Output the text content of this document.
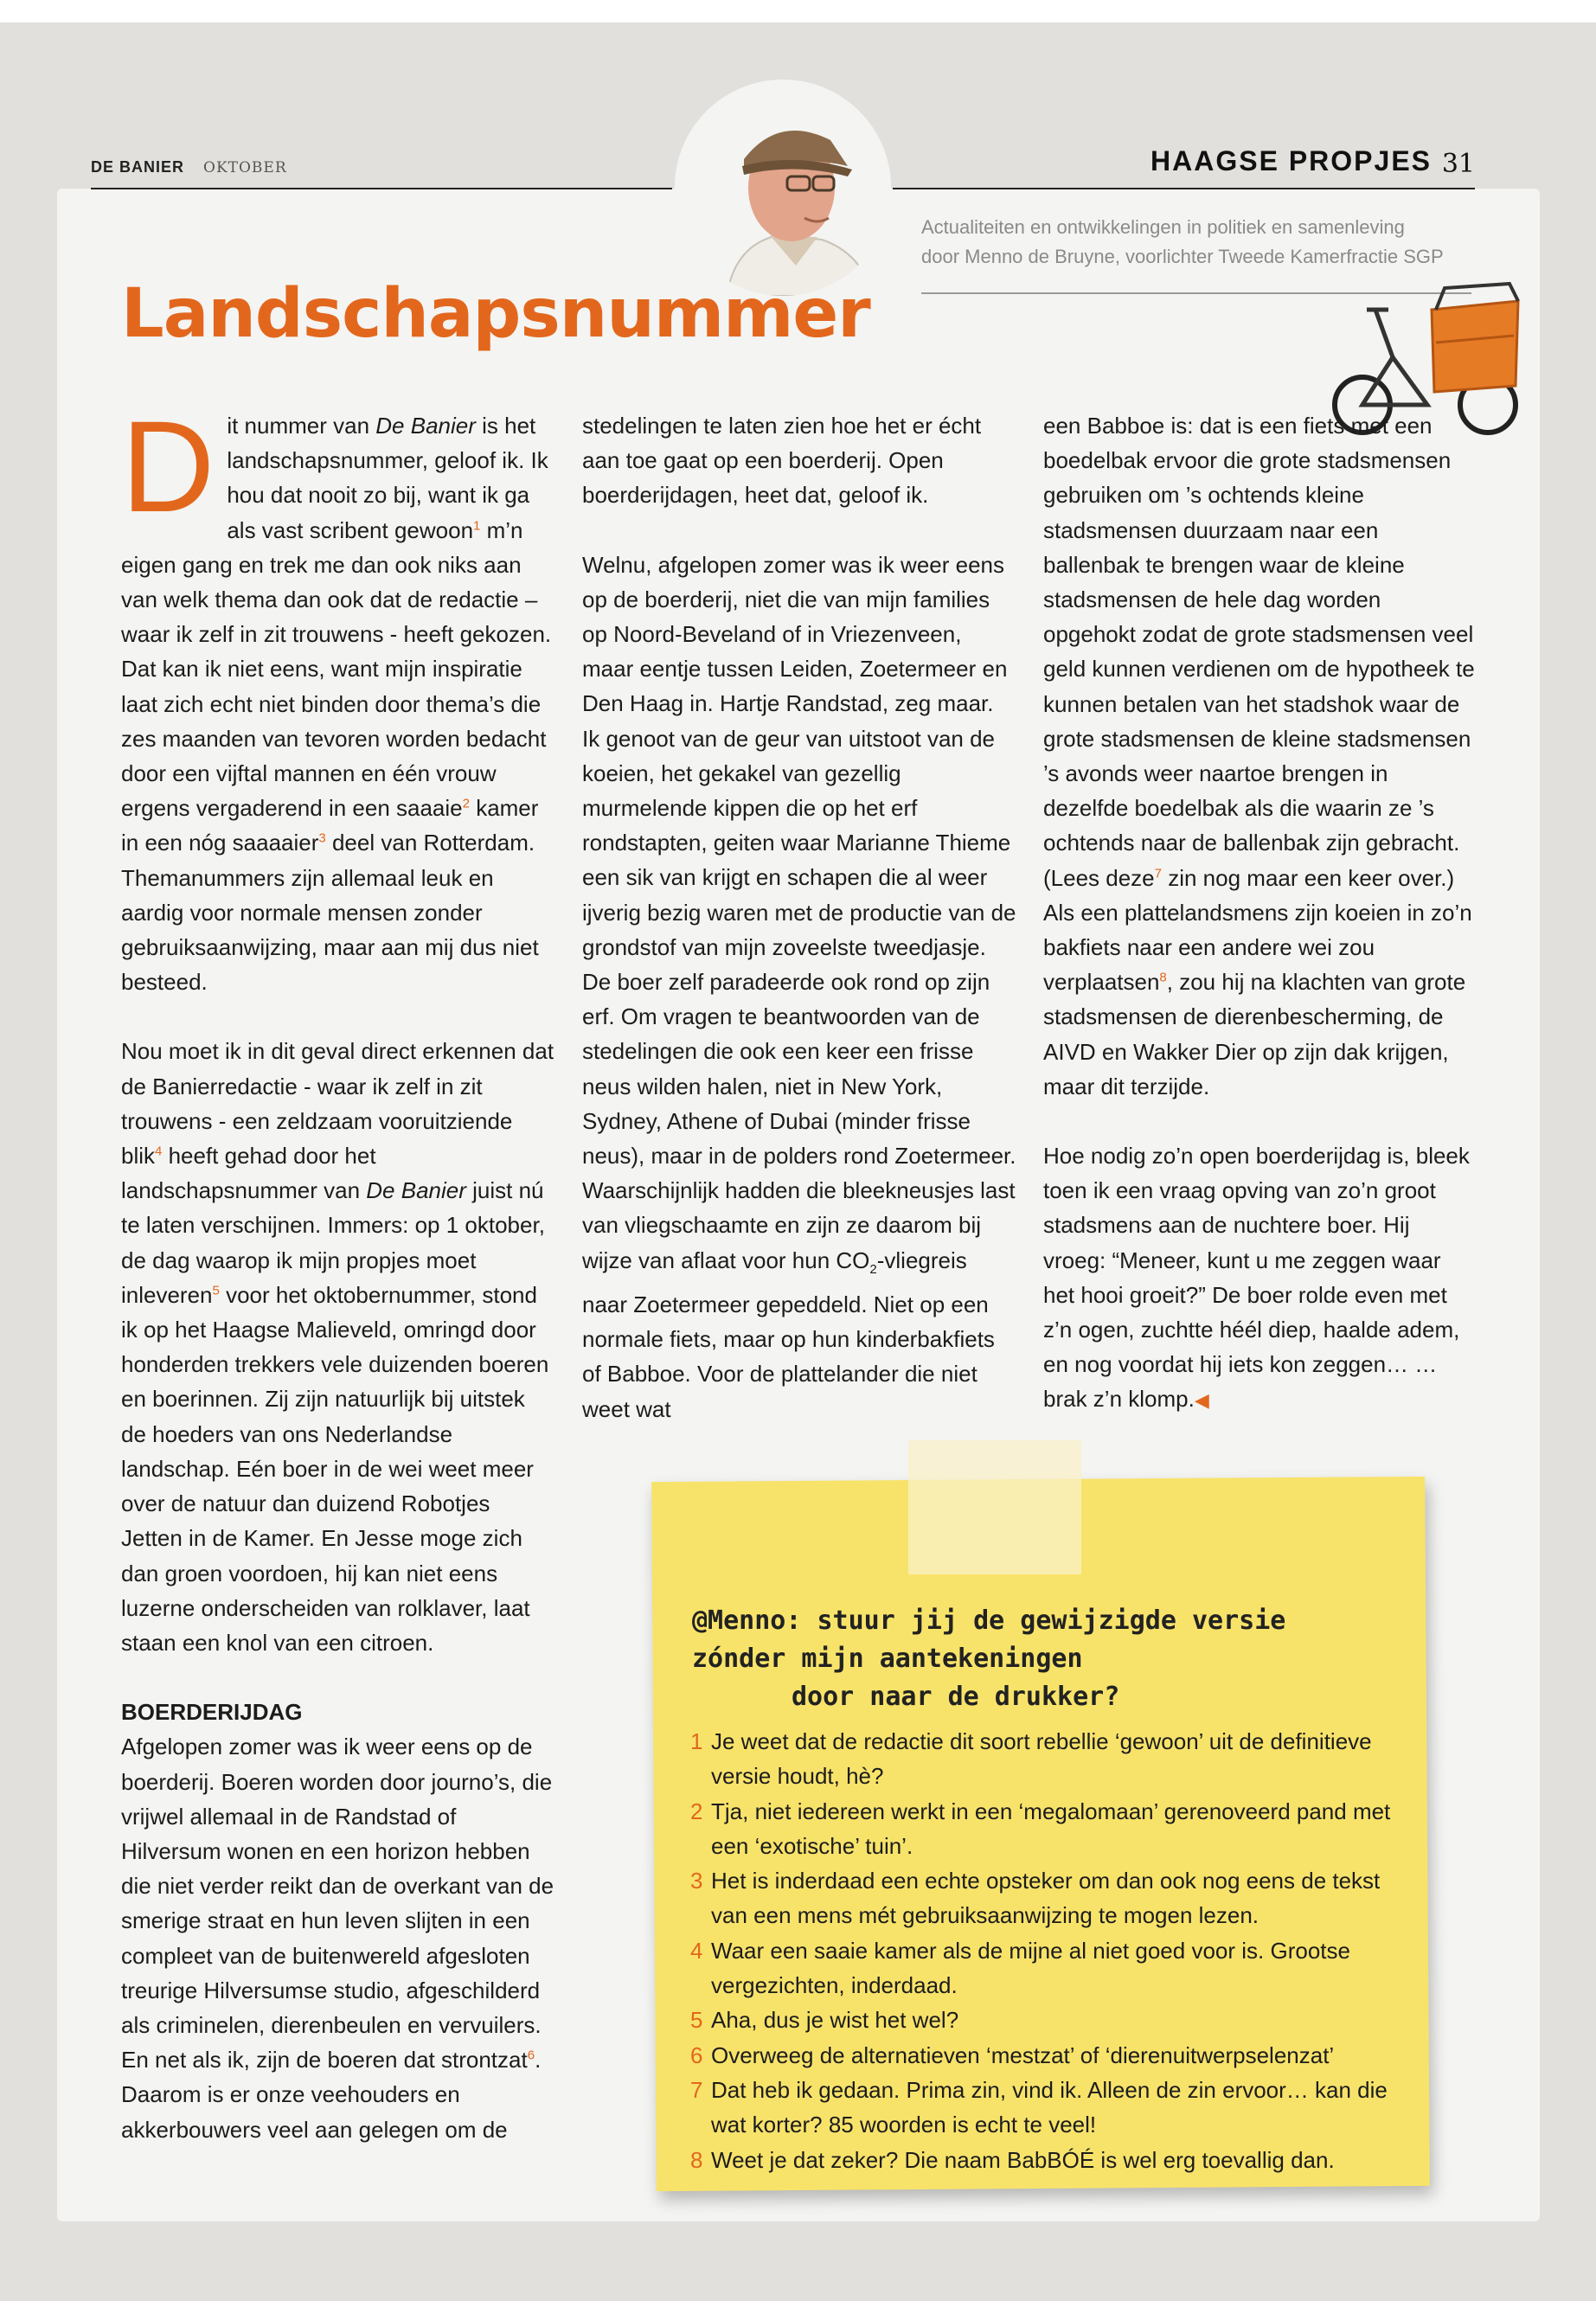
DE BANIER OKTOBER	HAAGSE PROPJES 31
Actualiteiten en ontwikkelingen in politiek en samenleving
door Menno de Bruyne, voorlichter Tweede Kamerfractie SGP
Landschapsnummer

Dit nummer van De Banier is het landschapsnummer, geloof ik. Ik hou dat nooit zo bij, want ik ga als vast scribent gewoon$^1$ m’n eigen gang en trek me dan ook niks aan van welk thema dan ook dat de redactie – waar ik zelf in zit trouwens - heeft gekozen. Dat kan ik niet eens, want mijn inspiratie laat zich echt niet binden door thema’s die zes maanden van tevoren worden bedacht door een vijftal mannen en één vrouw ergens vergaderend in een saaaie$^2$ kamer in een nóg saaaaier$^3$ deel van Rotterdam. Themanummers zijn allemaal leuk en aardig voor normale mensen zonder gebruiksaanwijzing, maar aan mij dus niet besteed.

Nou moet ik in dit geval direct erkennen dat de Banierredactie - waar ik zelf in zit trouwens - een zeldzaam vooruitziende blik$^4$ heeft gehad door het landschapsnummer van De Banier juist nú te laten verschijnen. Immers: op 1 oktober, de dag waarop ik mijn propjes moet inleveren$^5$ voor het oktobernummer, stond ik op het Haagse Malieveld, omringd door honderden trekkers vele duizenden boeren en boerinnen. Zij zijn natuurlijk bij uitstek de hoeders van ons Nederlandse landschap. Eén boer in de wei weet meer over de natuur dan duizend Robotjes Jetten in de Kamer. En Jesse moge zich dan groen voordoen, hij kan niet eens luzerne onderscheiden van rolklaver, laat staan een knol van een citroen.

BOERDERIJDAG
Afgelopen zomer was ik weer eens op de boerderij. Boeren worden door journo’s, die vrijwel allemaal in de Randstad of Hilversum wonen en een horizon hebben die niet verder reikt dan de overkant van de smerige straat en hun leven slijten in een compleet van de buitenwereld afgesloten treurige Hilversumse studio, afgeschilderd als criminelen, dierenbeulen en vervuilers. En net als ik, zijn de boeren dat strontzat$^6$. Daarom is er onze veehouders en akkerbouwers veel aan gelegen om de

stedelingen te laten zien hoe het er écht aan toe gaat op een boerderij. Open boerderijdagen, heet dat, geloof ik.

Welnu, afgelopen zomer was ik weer eens op de boerderij, niet die van mijn families op Noord-Beveland of in Vriezenveen, maar eentje tussen Leiden, Zoetermeer en Den Haag in. Hartje Randstad, zeg maar. Ik genoot van de geur van uitstoot van de koeien, het gekakel van gezellig murmelende kippen die op het erf rondstapten, geiten waar Marianne Thieme een sik van krijgt en schapen die al weer ijverig bezig waren met de productie van de grondstof van mijn zoveelste tweedjasje. De boer zelf paradeerde ook rond op zijn erf. Om vragen te beantwoorden van de stedelingen die ook een keer een frisse neus wilden halen, niet in New York, Sydney, Athene of Dubai (minder frisse neus), maar in de polders rond Zoetermeer. Waarschijnlijk hadden die bleekneusjes last van vliegschaamte en zijn ze daarom bij wijze van aflaat voor hun $CO_2$-vliegreis naar Zoetermeer gepeddeld. Niet op een normale fiets, maar op hun kinderbakfiets of Babboe. Voor de plattelander die niet weet wat

een Babboe is: dat is een fiets met een boedelbak ervoor die grote stadsmensen gebruiken om ’s ochtends kleine stadsmensen duurzaam naar een ballenbak te brengen waar de kleine stadsmensen de hele dag worden opgehokt zodat de grote stadsmensen veel geld kunnen verdienen om de hypotheek te kunnen betalen van het stadshok waar de grote stadsmensen de kleine stadsmensen ’s avonds weer naartoe brengen in dezelfde boedelbak als die waarin ze ’s ochtends naar de ballenbak zijn gebracht. (Lees deze$^7$ zin nog maar een keer over.) Als een plattelandsmens zijn koeien in zo’n bakfiets naar een andere wei zou verplaatsen$^8$, zou hij na klachten van grote stadsmensen de dierenbescherming, de AIVD en Wakker Dier op zijn dak krijgen, maar dit terzijde.

Hoe nodig zo’n open boerderijdag is, bleek toen ik een vraag opving van zo’n groot stadsmens aan de nuchtere boer. Hij vroeg: “Meneer, kunt u me zeggen waar het hooi groeit?” De boer rolde even met z’n ogen, zuchtte héél diep, haalde adem, en nog voordat hij iets kon zeggen… …brak z’n klomp.◀

@Menno: stuur jij de gewijzigde versie zónder mijn aantekeningen
door naar de drukker?
1 Je weet dat de redactie dit soort rebellie ‘gewoon’ uit de definitieve versie houdt, hè?
2 Tja, niet iedereen werkt in een ‘megalomaan’ gerenoveerd pand met een ‘exotische’ tuin’.
3 Het is inderdaad een echte opsteker om dan ook nog eens de tekst van een mens mét gebruiksaanwijzing te mogen lezen.
4 Waar een saaie kamer als de mijne al niet goed voor is. Grootse vergezichten, inderdaad.
5 Aha, dus je wist het wel?
6 Overweeg de alternatieven ‘mestzat’ of ‘dierenuitwerpselenzat’
7 Dat heb ik gedaan. Prima zin, vind ik. Alleen de zin ervoor… kan die wat korter? 85 woorden is echt te veel!
8 Weet je dat zeker? Die naam BabBÓÉ is wel erg toevallig dan.
